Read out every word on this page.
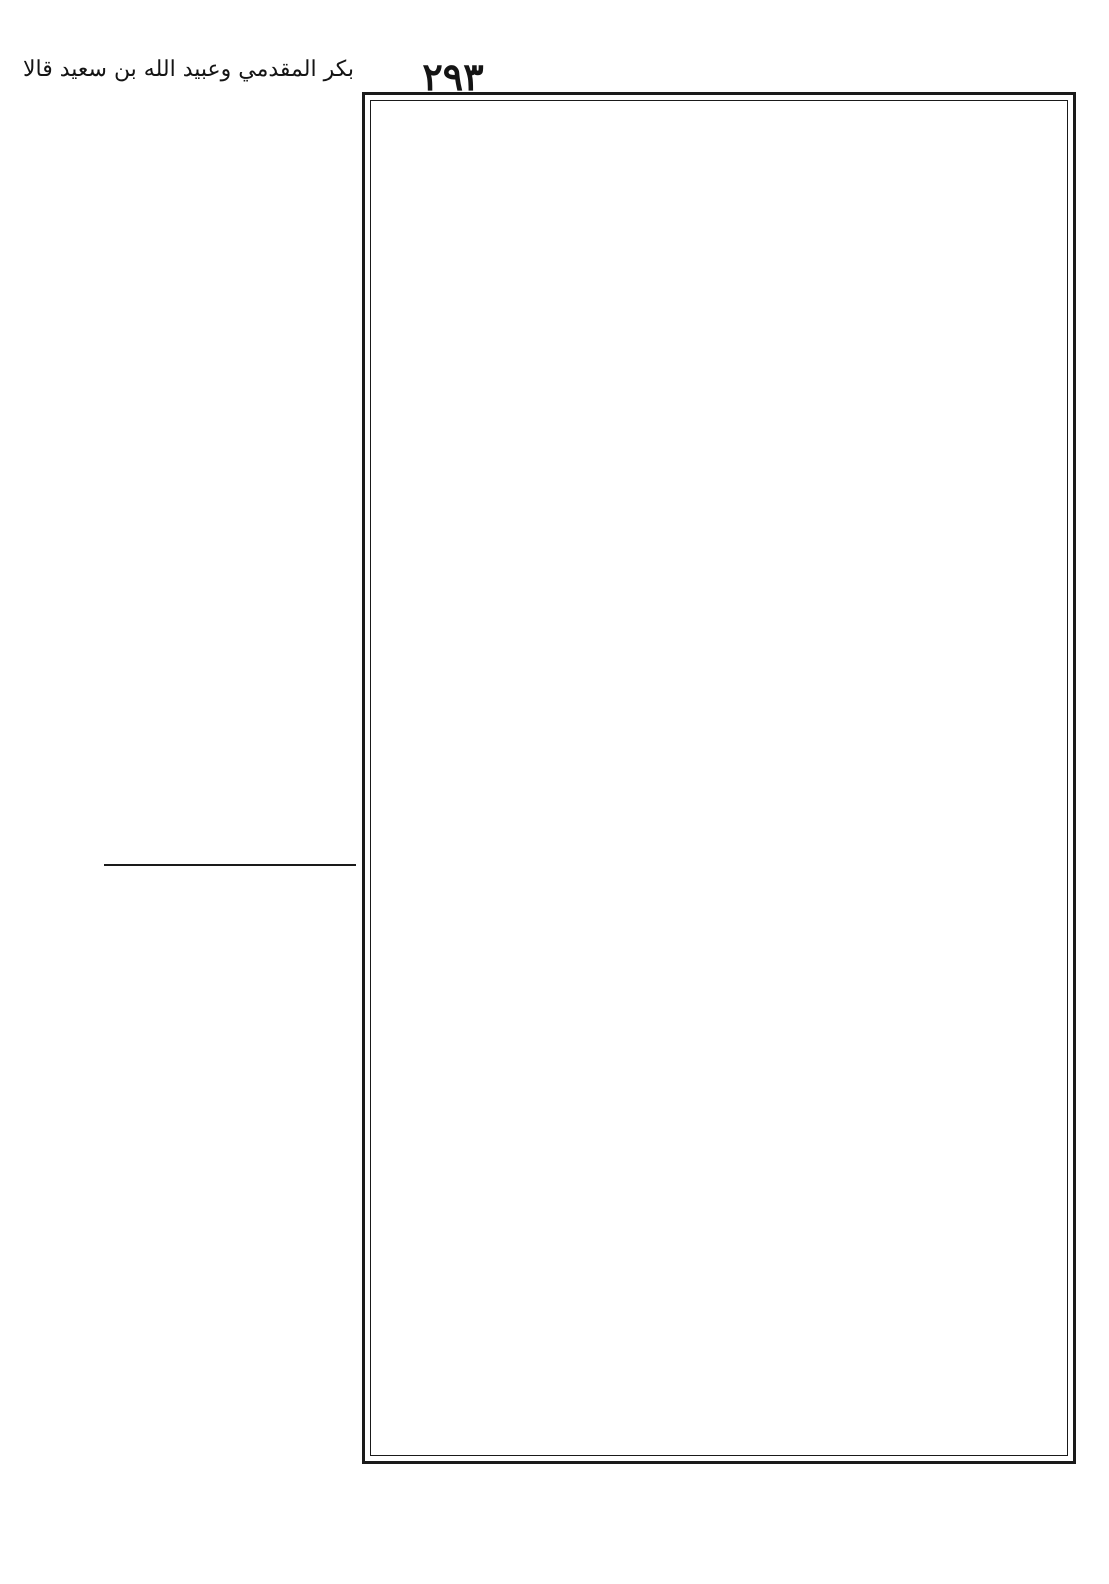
٢٩٣
بكر المقدمي وعبيد الله بن سعيد قالا
